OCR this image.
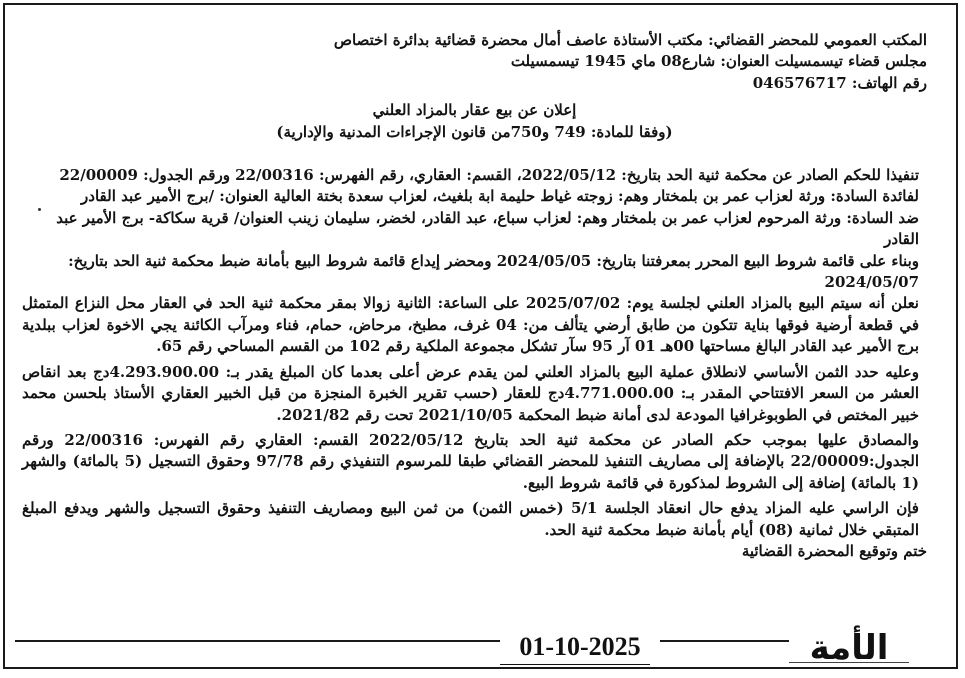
المكتب العمومي للمحضر القضائي: مكتب الأستاذة عاصف أمال محضرة قضائية بدائرة اختصاص

مجلس قضاء تيسمسيلت العنوان: شارع08 ماي 1945 تيسمسيلت

رقم الهاتف: 046576717

إعلان عن بيع عقار بالمزاد العلني

(وفقا للمادة: 749 و750من قانون الإجراءات المدنية والإدارية)

تنفيذا للحكم الصادر عن محكمة ثنية الحد بتاريخ: 2022/05/12، القسم: العقاري، رقم الفهرس: 22/00316 ورقم الجدول: 22/00009

لفائدة السادة: ورثة لعزاب عمر بن بلمختار وهم: زوجته غياط حليمة ابة بلغيث، لعزاب سعدة بختة العالية العنوان: /برج الأمير عبد القادر

ضد السادة: ورثة المرحوم لعزاب عمر بن بلمختار وهم: لعزاب سباع، عبد القادر، لخضر، سليمان زينب العنوان/ قرية سكاكة- برج الأمير عبد القادر

وبناء على قائمة شروط البيع المحرر بمعرفتنا بتاريخ: 2024/05/05 ومحضر إيداع قائمة شروط البيع بأمانة ضبط محكمة ثنية الحد بتاريخ: 2024/05/07

نعلن أنه سيتم البيع بالمزاد العلني لجلسة يوم: 2025/07/02 على الساعة: الثانية زوالا بمقر محكمة ثنية الحد في العقار محل النزاع المتمثل في قطعة أرضية فوقها بناية تتكون من طابق أرضي يتألف من: 04 غرف، مطبخ، مرحاض، حمام، فناء ومرآب الكائنة يجي الاخوة لعزاب ببلدية برج الأمير عبد القادر البالغ مساحتها 00هـ 01 آر 95 سآر تشكل مجموعة الملكية رقم 102 من القسم المساحي رقم 65.

وعليه حدد الثمن الأساسي لانطلاق عملية البيع بالمزاد العلني لمن يقدم عرض أعلى بعدما كان المبلغ يقدر بـ: 4.293.900.00دج بعد انقاص العشر من السعر الافتتاحي المقدر بـ: 4.771.000.00دج للعقار (حسب تقرير الخبرة المنجزة من قبل الخبير العقاري الأستاذ بلحسن محمد خبير المختص في الطوبوغرافيا المودعة لدى أمانة ضبط المحكمة 2021/10/05 تحت رقم 2021/82.

والمصادق عليها بموجب حكم الصادر عن محكمة ثنية الحد بتاريخ 2022/05/12 القسم: العقاري رقم الفهرس: 22/00316 ورقم الجدول:22/00009 بالإضافة إلى مصاريف التنفيذ للمحضر القضائي طبقا للمرسوم التنفيذي رقم 97/78 وحقوق التسجيل (5 بالمائة) والشهر (1 بالمائة) إضافة إلى الشروط لمذكورة في قائمة شروط البيع.

فإن الراسي عليه المزاد يدفع حال انعقاد الجلسة 5/1 (خمس الثمن) من ثمن البيع ومصاريف التنفيذ وحقوق التسجيل والشهر ويدفع المبلغ المتبقي خلال ثمانية (08) أيام بأمانة ضبط محكمة ثنية الحد.

ختم وتوقيع المحضرة القضائية

الأمة
01-10-2025
